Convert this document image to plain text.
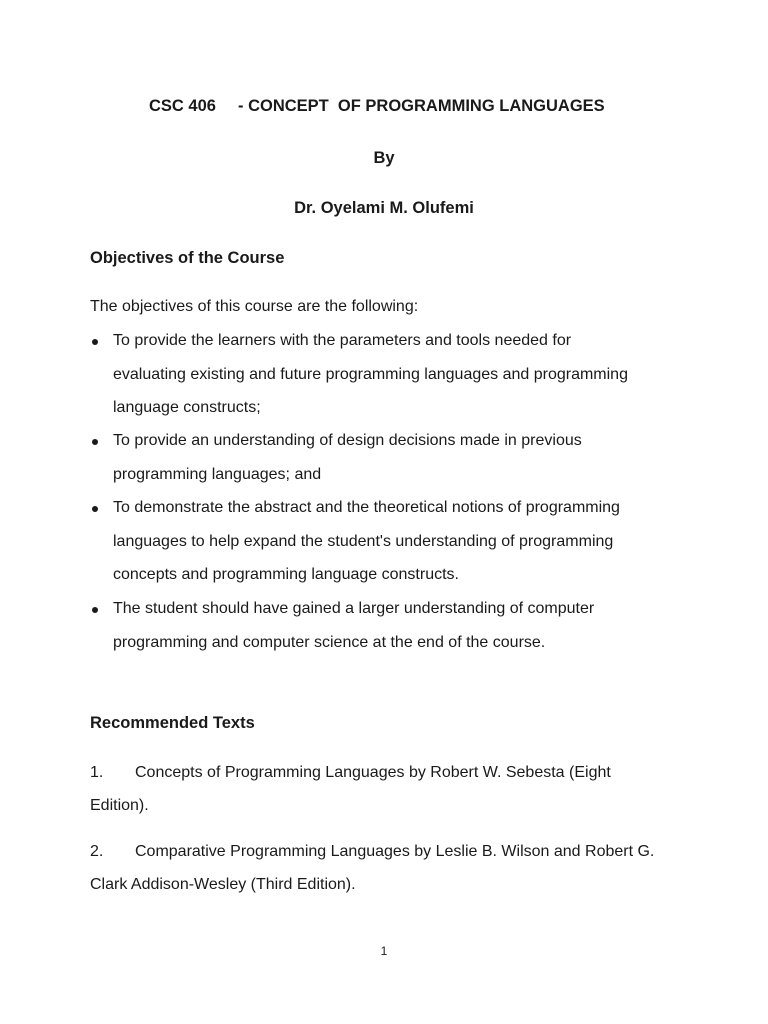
CSC 406 - CONCEPT  OF PROGRAMMING LANGUAGES
By
Dr. Oyelami M. Olufemi
Objectives of the Course
The objectives of this course are the following:
To provide the learners with the parameters and tools needed for
evaluating existing and future programming languages and programming
language constructs;
To provide an understanding of design decisions made in previous
programming languages; and
To demonstrate the abstract and the theoretical notions of programming
languages to help expand the student's understanding of programming
concepts and programming language constructs.
The student should have gained a larger understanding of computer
programming and computer science at the end of the course.
Recommended Texts
1. Concepts of Programming Languages by Robert W. Sebesta (Eight
Edition).
2. Comparative Programming Languages by Leslie B. Wilson and Robert G.
Clark Addison-Wesley (Third Edition).
1
